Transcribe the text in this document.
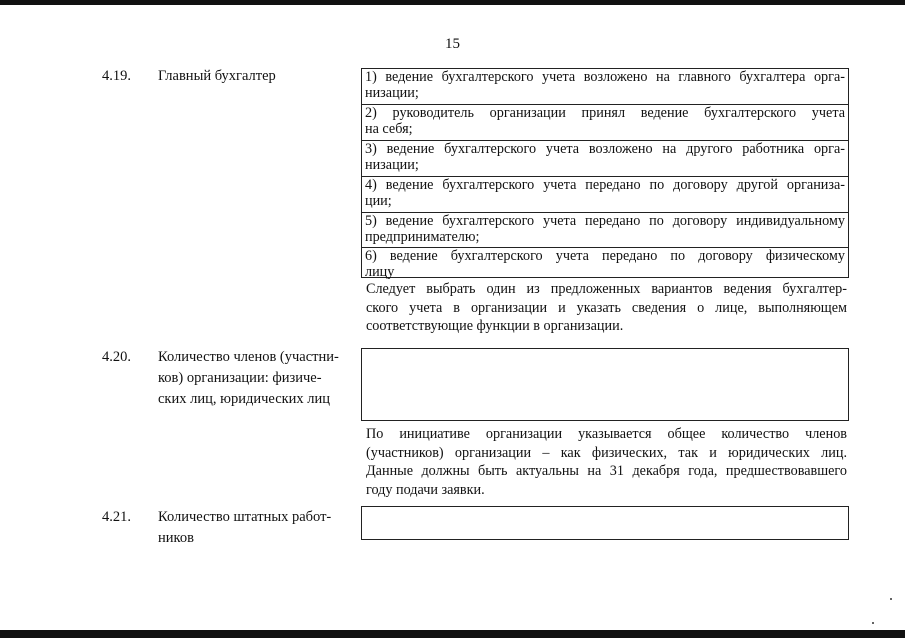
15
4.19. Главный бухгалтер	1) ведение бухгалтерского учета возложено на главного бухгалтера орга-
низации;
2) руководитель организации принял ведение бухгалтерского учета
на себя;
3) ведение бухгалтерского учета возложено на другого работника орга-
низации;
4) ведение бухгалтерского учета передано по договору другой организа-
ции;
5) ведение бухгалтерского учета передано по договору индивидуальному
предпринимателю;
6) ведение бухгалтерского учета передано по договору физическому
лицу
Следует выбрать один из предложенных вариантов ведения бухгалтер-
ского учета в организации и указать сведения о лице, выполняющем
соответствующие функции в организации.
4.20. Количество членов (участни-
ков) организации: физиче-
ских лиц, юридических лиц
По инициативе организации указывается общее количество членов
(участников) организации – как физических, так и юридических лиц.
Данные должны быть актуальны на 31 декабря года, предшествовавшего
году подачи заявки.
4.21. Количество штатных работ-
ников
